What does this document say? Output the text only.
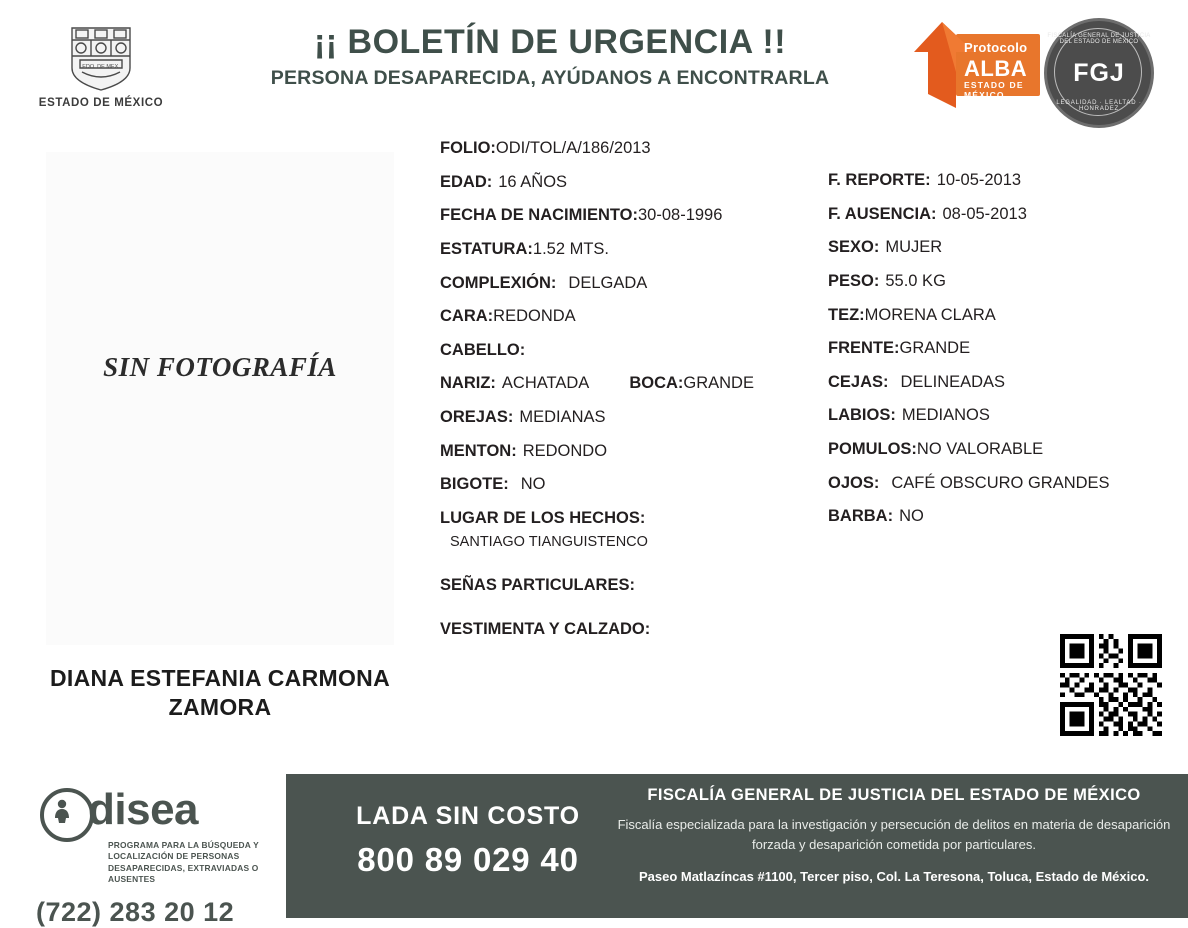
EDO. DE MEX.
ESTADO DE MÉXICO
¡¡ BOLETÍN DE URGENCIA !!
PERSONA DESAPARECIDA, AYÚDANOS A ENCONTRARLA
Protocolo
ALBA
ESTADO DE MÉXICO
FISCALÍA GENERAL DE JUSTICIA DEL ESTADO DE MÉXICO
FGJ
LEGALIDAD · LEALTAD · HONRADEZ
SIN FOTOGRAFÍA
DIANA ESTEFANIA CARMONA ZAMORA
FOLIO:ODI/TOL/A/186/2013
EDAD: 16 AÑOS
FECHA DE NACIMIENTO:30-08-1996
ESTATURA:1.52 MTS.
COMPLEXIÓN: DELGADA
CARA:REDONDA
CABELLO:
NARIZ: ACHATADA BOCA:GRANDE
OREJAS: MEDIANAS
MENTON: REDONDO
BIGOTE: NO
LUGAR DE LOS HECHOS:
SANTIAGO TIANGUISTENCO
SEÑAS PARTICULARES:
VESTIMENTA Y CALZADO:
F. REPORTE: 10-05-2013
F. AUSENCIA: 08-05-2013
SEXO: MUJER
PESO: 55.0 KG
TEZ:MORENA CLARA
FRENTE:GRANDE
CEJAS: DELINEADAS
LABIOS: MEDIANOS
POMULOS:NO VALORABLE
OJOS: CAFÉ OBSCURO GRANDES
BARBA: NO
LADA SIN COSTO
800 89 029 40
FISCALÍA GENERAL DE JUSTICIA DEL ESTADO DE MÉXICO
Fiscalía especializada para la investigación y persecución de delitos en materia de desaparición forzada y desaparición cometida por particulares.
Paseo Matlazíncas #1100, Tercer piso, Col. La Teresona, Toluca, Estado de México.
disea
PROGRAMA PARA LA BÚSQUEDA Y LOCALIZACIÓN DE PERSONAS DESAPARECIDAS, EXTRAVIADAS O AUSENTES
(722) 283 20 12
